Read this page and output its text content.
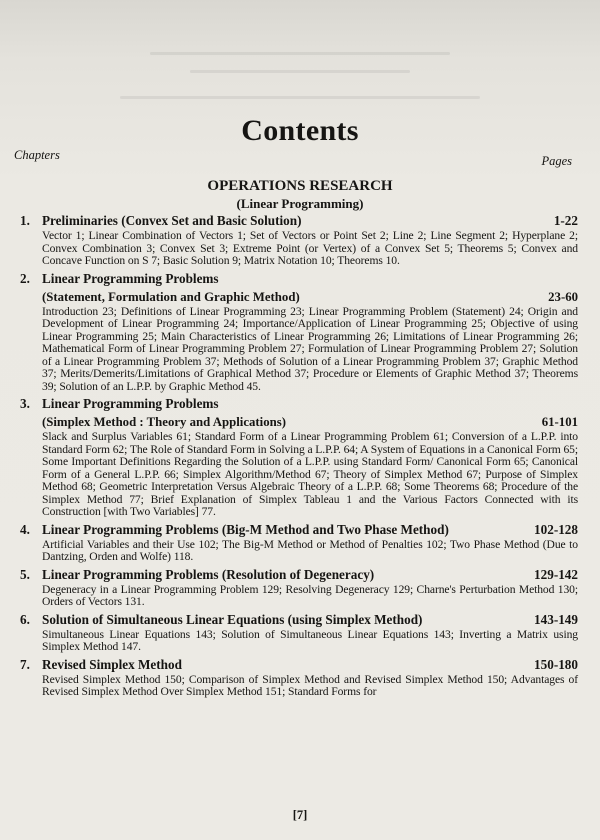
Contents
Chapters	Pages
OPERATIONS RESEARCH
(Linear Programming)
1. Preliminaries (Convex Set and Basic Solution)	1-22
Vector 1; Linear Combination of Vectors 1; Set of Vectors or Point Set 2; Line 2; Line Segment 2; Hyperplane 2; Convex Combination 3; Convex Set 3; Extreme Point (or Vertex) of a Convex Set 5; Theorems 5; Convex and Concave Function on S 7; Basic Solution 9; Matrix Notation 10; Theorems 10.
2. Linear Programming Problems
(Statement, Formulation and Graphic Method)	23-60
Introduction 23; Definitions of Linear Programming 23; Linear Programming Problem (Statement) 24; Origin and Development of Linear Programming 24; Importance/Application of Linear Programming 25; Objective of using Linear Programming 25; Main Characteristics of Linear Programming 26; Limitations of Linear Programming 26; Mathematical Form of Linear Programming Problem 27; Formulation of Linear Programming Problem 27; Solution of a Linear Programming Problem 37; Methods of Solution of a Linear Programming Problem 37; Graphic Method 37; Merits/Demerits/Limitations of Graphical Method 37; Procedure or Elements of Graphic Method 37; Theorems 39; Solution of an L.P.P. by Graphic Method 45.
3. Linear Programming Problems
(Simplex Method : Theory and Applications)	61-101
Slack and Surplus Variables 61; Standard Form of a Linear Programming Problem 61; Conversion of a L.P.P. into Standard Form 62; The Role of Standard Form in Solving a L.P.P. 64; A System of Equations in a Canonical Form 65; Some Important Definitions Regarding the Solution of a L.P.P. using Standard Form/ Canonical Form 65; Canonical Form of a General L.P.P. 66; Simplex Algorithm/Method 67; Theory of Simplex Method 67; Purpose of Simplex Method 68; Geometric Interpretation Versus Algebraic Theory of a L.P.P. 68; Some Theorems 68; Procedure of the Simplex Method 77; Brief Explanation of Simplex Tableau 1 and the Various Factors Connected with its Construction [with Two Variables] 77.
4. Linear Programming Problems (Big-M Method and Two Phase Method)	102-128
Artificial Variables and their Use 102; The Big-M Method or Method of Penalties 102; Two Phase Method (Due to Dantzing, Orden and Wolfe) 118.
5. Linear Programming Problems (Resolution of Degeneracy)	129-142
Degeneracy in a Linear Programming Problem 129; Resolving Degeneracy 129; Charne's Perturbation Method 130; Orders of Vectors 131.
6. Solution of Simultaneous Linear Equations (using Simplex Method)	143-149
Simultaneous Linear Equations 143; Solution of Simultaneous Linear Equations 143; Inverting a Matrix using Simplex Method 147.
7. Revised Simplex Method	150-180
Revised Simplex Method 150; Comparison of Simplex Method and Revised Simplex Method 150; Advantages of Revised Simplex Method Over Simplex Method 151; Standard Forms for
[7]
